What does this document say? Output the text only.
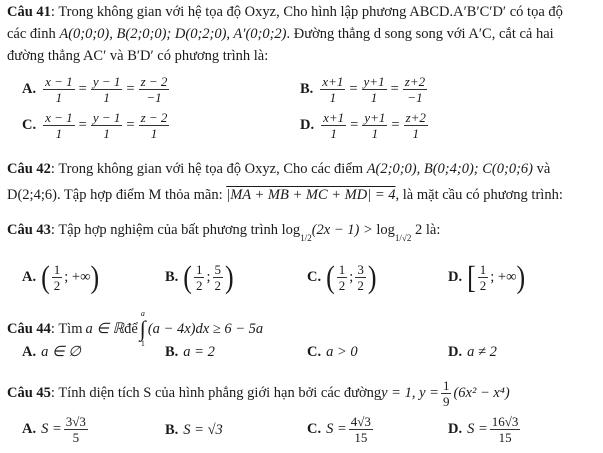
Câu 41: Trong không gian với hệ tọa độ Oxyz, Cho hình lập phương ABCD.A′B′C′D′ có tọa độ
các đỉnh A(0;0;0), B(2;0;0); D(0;2;0), A′(0;0;2). Đường thẳng d song song với A′C, cắt cả hai
đường thẳng AC′ và B′D′ có phương trình là:
A. $\frac{x - 1}{1} = \frac{y - 1}{1} = \frac{z - 2}{-1}$	B. $\frac{x+1}{1} = \frac{y+1}{1} = \frac{z+2}{-1}$
C. $\frac{x - 1}{1} = \frac{y - 1}{1} = \frac{z - 2}{1}$	D. $\frac{x+1}{1} = \frac{y+1}{1} = \frac{z+2}{1}$
Câu 42: Trong không gian với hệ tọa độ Oxyz, Cho các điểm A(2;0;0), B(0;4;0); C(0;0;6) và
D(2;4;6). Tập hợp điểm M thỏa mãn: |MA + MB + MC + MD| = 4, là mặt cầu có phương trình:
Câu 43: Tập hợp nghiệm của bất phương trình $\log_{1/2}(2x - 1) > \log_{1/√2} 2$ là:
A. ( $\frac{1}{2}$ ; +∞ )	B. ( $\frac{1}{2}$ ; $\frac{5}{2}$ )	C. ( $\frac{1}{2}$ ; $\frac{3}{2}$ )	D. [ $\frac{1}{2}$ ; +∞ )
Câu 44 : Tìm a ∈ ℝ để
a
∫
1
(a − 4x)dx ≥ 6 − 5a
A. a ∈ ∅	B. a = 2	C. a > 0	D. a ≠ 2
Câu 45 : Tính diện tích S của hình phẳng giới hạn bởi các đường y = 1, $y = \frac{1}{9} (6x^2 - x^4)$
A. $S = \frac{3√3}{5}$	B. S = √3	C. $S = \frac{4√3}{15}$	D. $S = \frac{16√3}{15}$
